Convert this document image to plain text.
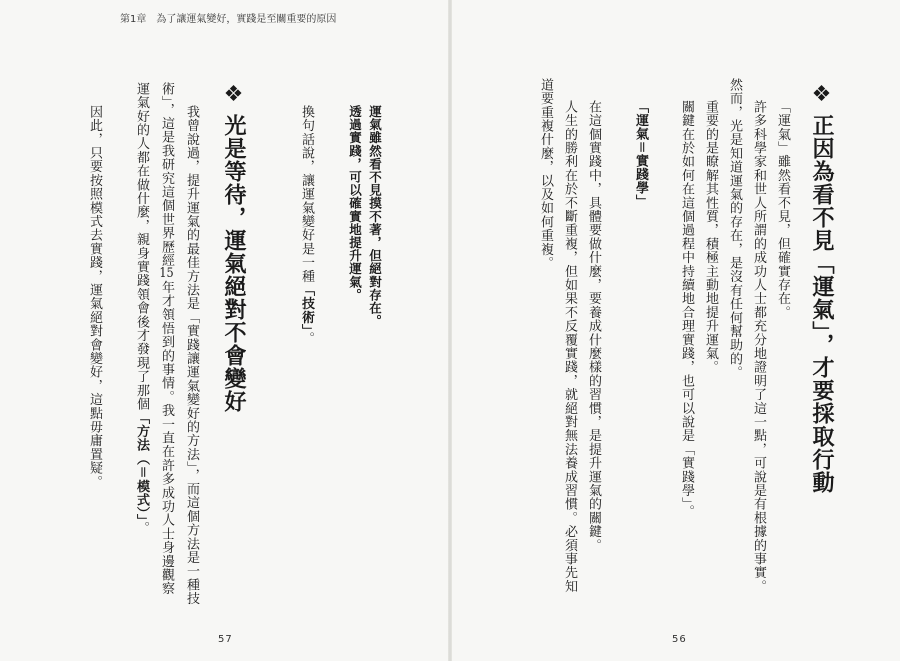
第1章　為了讓運氣變好，實踐是至關重要的原因
運氣雖然看不見摸不著，但絕對存在。
透過實踐，可以確實地提升運氣。
換句話說，讓運氣變好是一種「技術」。
❖光是等待，運氣絕對不會變好
我曾說過，提升運氣的最佳方法是「實踐讓運氣變好的方法」，而這個方法是一種技
術」，這是我研究這個世界歷經15年才領悟到的事情。我一直在許多成功人士身邊觀察
運氣好的人都在做什麼，親身實踐領會後才發現了那個「方法（＝模式）」。
因此，只要按照模式去實踐，運氣絕對會變好，這點毋庸置疑。
57
❖正因為看不見「運氣」，才要採取行動
「運氣」雖然看不見，但確實存在。
許多科學家和世人所謂的成功人士都充分地證明了這一點，可說是有根據的事實。
然而，光是知道運氣的存在，是沒有任何幫助的。
重要的是瞭解其性質，積極主動地提升運氣。
關鍵在於如何在這個過程中持續地合理實踐，也可以說是「實踐學」。
「運氣＝實踐學」
在這個實踐中，具體要做什麼，要養成什麼樣的習慣，是提升運氣的關鍵。
人生的勝利在於不斷重複，但如果不反覆實踐，就絕對無法養成習慣。必須事先知
道要重複什麼，以及如何重複。
56
